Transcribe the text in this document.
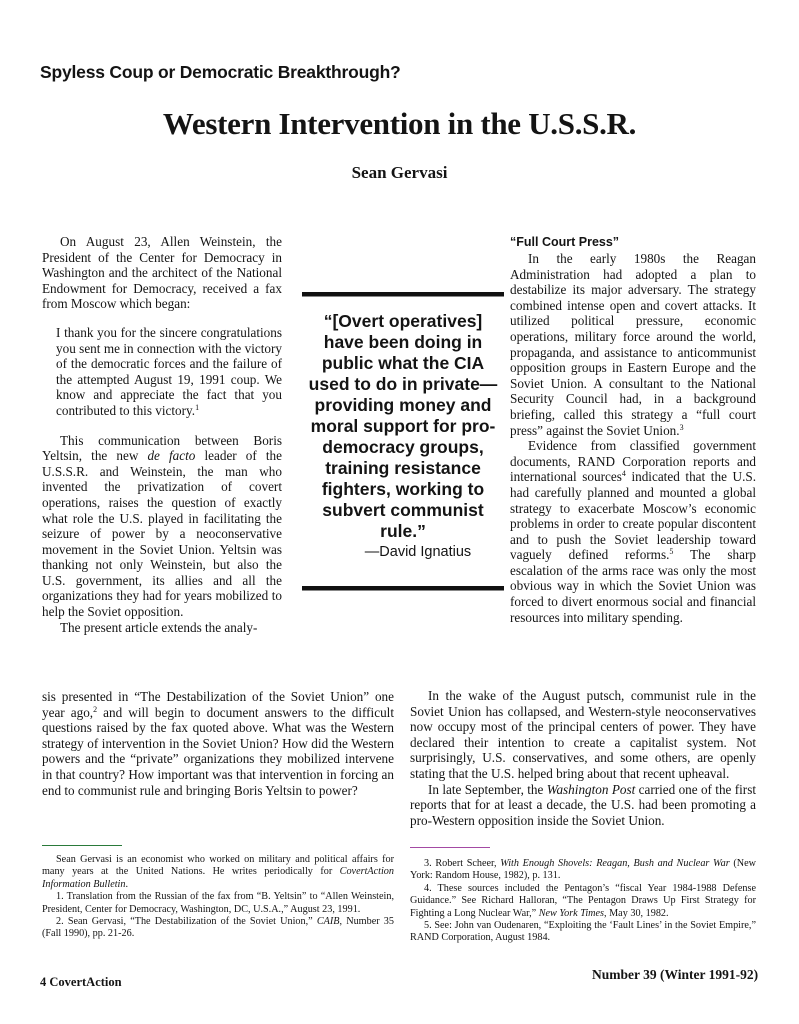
Spyless Coup or Democratic Breakthrough?
Western Intervention in the U.S.S.R.
Sean Gervasi

On August 23, Allen Weinstein, the President of the Center for Democracy in Washington and the architect of the National Endowment for Democracy, received a fax from Moscow which began:

I thank you for the sincere congratulations you sent me in connection with the victory of the democratic forces and the failure of the attempted August 19, 1991 coup. We know and appreciate the fact that you contributed to this victory.$^1$

This communication between Boris Yeltsin, the new de facto leader of the U.S.S.R. and Weinstein, the man who invented the privatization of covert operations, raises the question of exactly what role the U.S. played in facilitating the seizure of power by a neoconservative movement in the Soviet Union. Yeltsin was thanking not only Weinstein, but also the U.S. government, its allies and all the organizations they had for years mobilized to help the Soviet opposition.

The present article extends the analy-

“[Overt operatives] have been doing in public what the CIA used to do in private—providing money and moral support for pro-democracy groups, training resistance fighters, working to subvert communist rule.”
—David Ignatius
“Full Court Press”

In the early 1980s the Reagan Administration had adopted a plan to destabilize its major adversary. The strategy combined intense open and covert attacks. It utilized political pressure, economic operations, military force around the world, propaganda, and assistance to anticommunist opposition groups in Eastern Europe and the Soviet Union. A consultant to the National Security Council had, in a background briefing, called this strategy a “full court press” against the Soviet Union.$^3$

Evidence from classified government documents, RAND Corporation reports and international sources$^4$ indicated that the U.S. had carefully planned and mounted a global strategy to exacerbate Moscow’s economic problems in order to create popular discontent and to push the Soviet leadership toward vaguely defined reforms.$^5$ The sharp escalation of the arms race was only the most obvious way in which the Soviet Union was forced to divert enormous social and financial resources into military spending.

sis presented in “The Destabilization of the Soviet Union” one year ago,$^2$ and will begin to document answers to the difficult questions raised by the fax quoted above. What was the Western strategy of intervention in the Soviet Union? How did the Western powers and the “private” organizations they mobilized intervene in that country? How important was that intervention in forcing an end to communist rule and bringing Boris Yeltsin to power?

In the wake of the August putsch, communist rule in the Soviet Union has collapsed, and Western-style neoconservatives now occupy most of the principal centers of power. They have declared their intention to create a capitalist system. Not surprisingly, U.S. conservatives, and some others, are openly stating that the U.S. helped bring about that recent upheaval.

In late September, the Washington Post carried one of the first reports that for at least a decade, the U.S. had been promoting a pro-Western opposition inside the Soviet Union.

Sean Gervasi is an economist who worked on military and political affairs for many years at the United Nations. He writes periodically for CovertAction Information Bulletin.

1. Translation from the Russian of the fax from “B. Yeltsin” to “Allen Weinstein, President, Center for Democracy, Washington, DC, U.S.A.,” August 23, 1991.

2. Sean Gervasi, “The Destabilization of the Soviet Union,” CAIB, Number 35 (Fall 1990), pp. 21-26.

3. Robert Scheer, With Enough Shovels: Reagan, Bush and Nuclear War (New York: Random House, 1982), p. 131.

4. These sources included the Pentagon’s “fiscal Year 1984-1988 Defense Guidance.” See Richard Halloran, “The Pentagon Draws Up First Strategy for Fighting a Long Nuclear War,” New York Times, May 30, 1982.

5. See: John van Oudenaren, “Exploiting the ‘Fault Lines’ in the Soviet Empire,” RAND Corporation, August 1984.

4 CovertAction	Number 39 (Winter 1991-92)
